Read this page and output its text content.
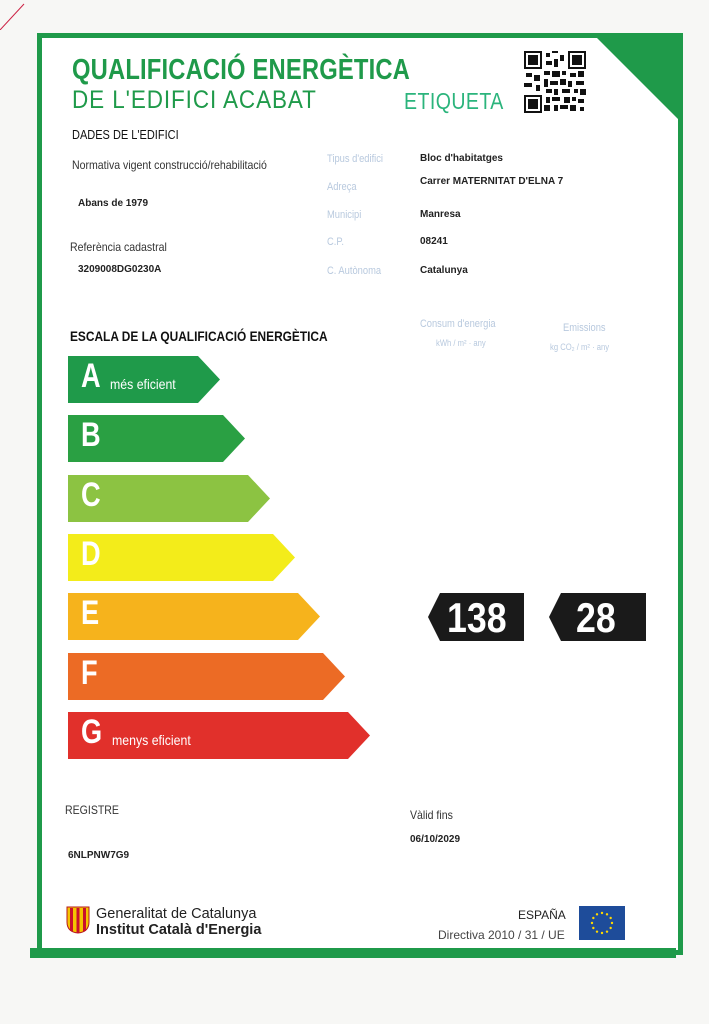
QUALIFICACIÓ ENERGÈTICA
DE L'EDIFICI ACABAT	ETIQUETA
DADES DE L'EDIFICI
Normativa vigent construcció/rehabilitació
Abans de 1979
Referència cadastral
3209008DG0230A
Tipus d'edifici	Bloc d'habitatges
Adreça	Carrer MATERNITAT D'ELNA 7
Municipi	Manresa
C.P.	08241
C. Autònoma	Catalunya
ESCALA DE LA QUALIFICACIÓ ENERGÈTICA
Consum d'energia
kWh / m² · any
Emissions
kg CO₂ / m² · any
A més eficient
B
C
D
E
F
G menys eficient
138 28
REGISTRE
6NLPNW7G9
Vàlid fins
06/10/2029
Generalitat de Catalunya
Institut Català d'Energia
ESPAÑA
Directiva 2010 / 31 / UE
